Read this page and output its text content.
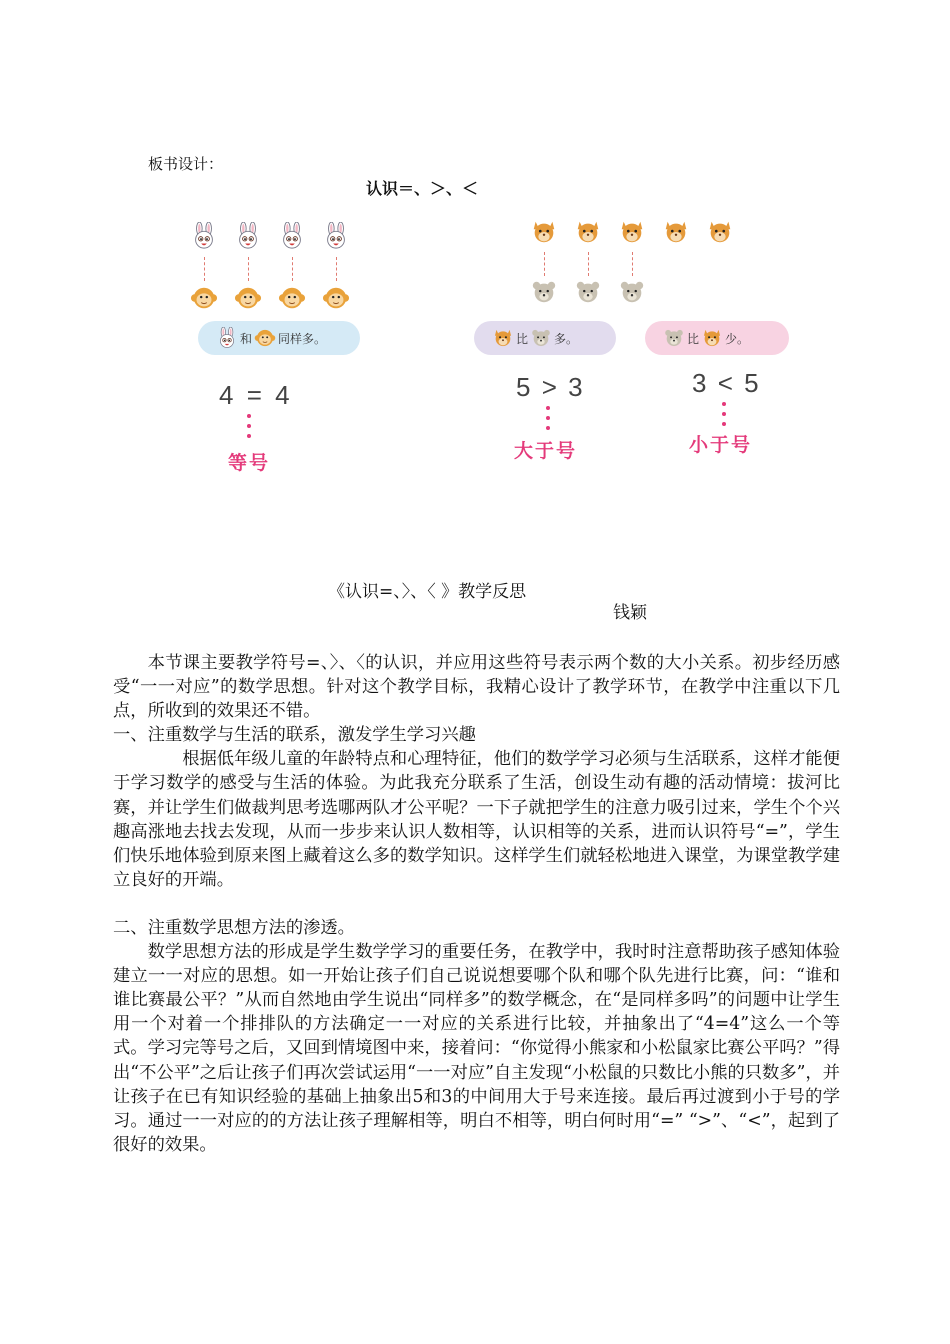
板书设计：
认识＝、＞、＜
和 同样多。
4 = 4
等号
比 多。	比 少。
5 > 3
大于号
3 < 5
小于号
《认识=、〉、〈 》教学反思
钱颖

本节课主要教学符号=、〉、〈的认识，并应用这些符号表示两个数的大小关系。初步经历感受“一一对应”的数学思想。针对这个教学目标，我精心设计了教学环节，在教学中注重以下几点，所收到的效果还不错。

一、注重数学与生活的联系，激发学生学习兴趣

根据低年级儿童的年龄特点和心理特征，他们的数学学习必须与生活联系，这样才能便于学习数学的感受与生活的体验。为此我充分联系了生活，创设生动有趣的活动情境：拔河比赛，并让学生们做裁判思考选哪两队才公平呢？一下子就把学生的注意力吸引过来，学生个个兴趣高涨地去找去发现，从而一步步来认识人数相等，认识相等的关系，进而认识符号“=”，学生们快乐地体验到原来图上藏着这么多的数学知识。这样学生们就轻松地进入课堂，为课堂教学建立良好的开端。

二、注重数学思想方法的渗透。

数学思想方法的形成是学生数学学习的重要任务，在教学中，我时时注意帮助孩子感知体验建立一一对应的思想。如一开始让孩子们自己说说想要哪个队和哪个队先进行比赛，问：“谁和谁比赛最公平？”从而自然地由学生说出“同样多”的数学概念，在“是同样多吗”的问题中让学生用一个对着一个排排队的方法确定一一对应的关系进行比较，并抽象出了“4=4”这么一个等式。学习完等号之后，又回到情境图中来，接着问：“你觉得小熊家和小松鼠家比赛公平吗？”得出“不公平”之后让孩子们再次尝试运用“一一对应”自主发现“小松鼠的只数比小熊的只数多”，并让孩子在已有知识经验的基础上抽象出5和3的中间用大于号来连接。最后再过渡到小于号的学习。通过一一对应的的方法让孩子理解相等，明白不相等，明白何时用“=” “>”、“<”，起到了很好的效果。
